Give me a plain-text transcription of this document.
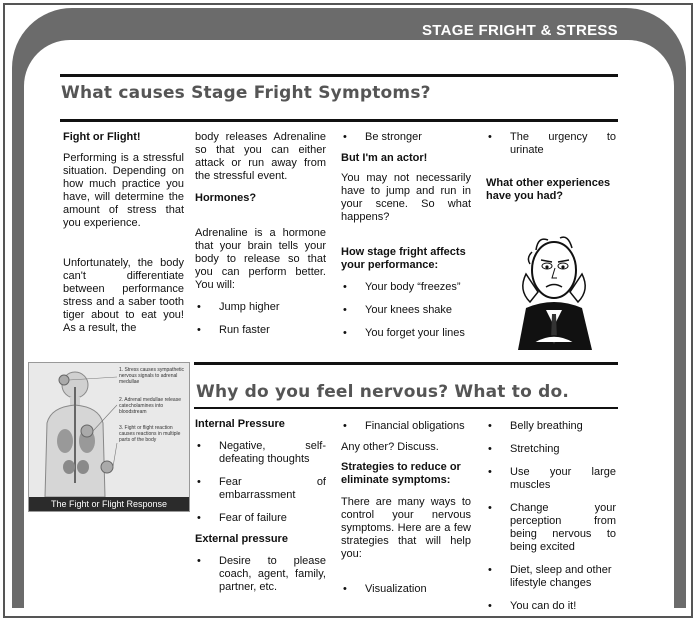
STAGE FRIGHT & STRESS
What causes Stage Fright Symptoms?

Fight or Flight!

Performing is a stressful situation. Depending on how much practice you have, will determine the amount of stress that you experience.

Unfortunately, the body can't differentiate between performance stress and a saber tooth tiger about to eat you! As a result, the

body releases Adrenaline so that you can either attack or run away from the stressful event.

Hormones?

Adrenaline is a hormone that your brain tells your body to release so that you can perform better. You will:

• Jump higher

• Run faster

• Be stronger

But I'm an actor!

You may not necessarily have to jump and run in your scene. So what happens?

How stage fright affects your performance:

• Your body “freezes”

• Your knees shake

• You forget your lines

• The urgency to urinate

What other experiences have you had?

1. Stress causes sympathetic nervous signals to adrenal medullae
2. Adrenal medullae release catecholamines into bloodstream
3. Fight or flight reaction causes reactions in multiple parts of the body
The Fight or Flight Response
Why do you feel nervous? What to do.

Internal Pressure

• Negative, self-defeating thoughts

• Fear of embarrassment

• Fear of failure

External pressure

• Desire to please coach, agent, family, partner, etc.

• Financial obligations

Any other? Discuss.

Strategies to reduce or eliminate symptoms:

There are many ways to control your nervous symptoms. Here are a few strategies that will help you:

• Visualization

• Belly breathing

• Stretching

• Use your large muscles

• Change your perception from being nervous to being excited

• Diet, sleep and other lifestyle changes

• You can do it!
